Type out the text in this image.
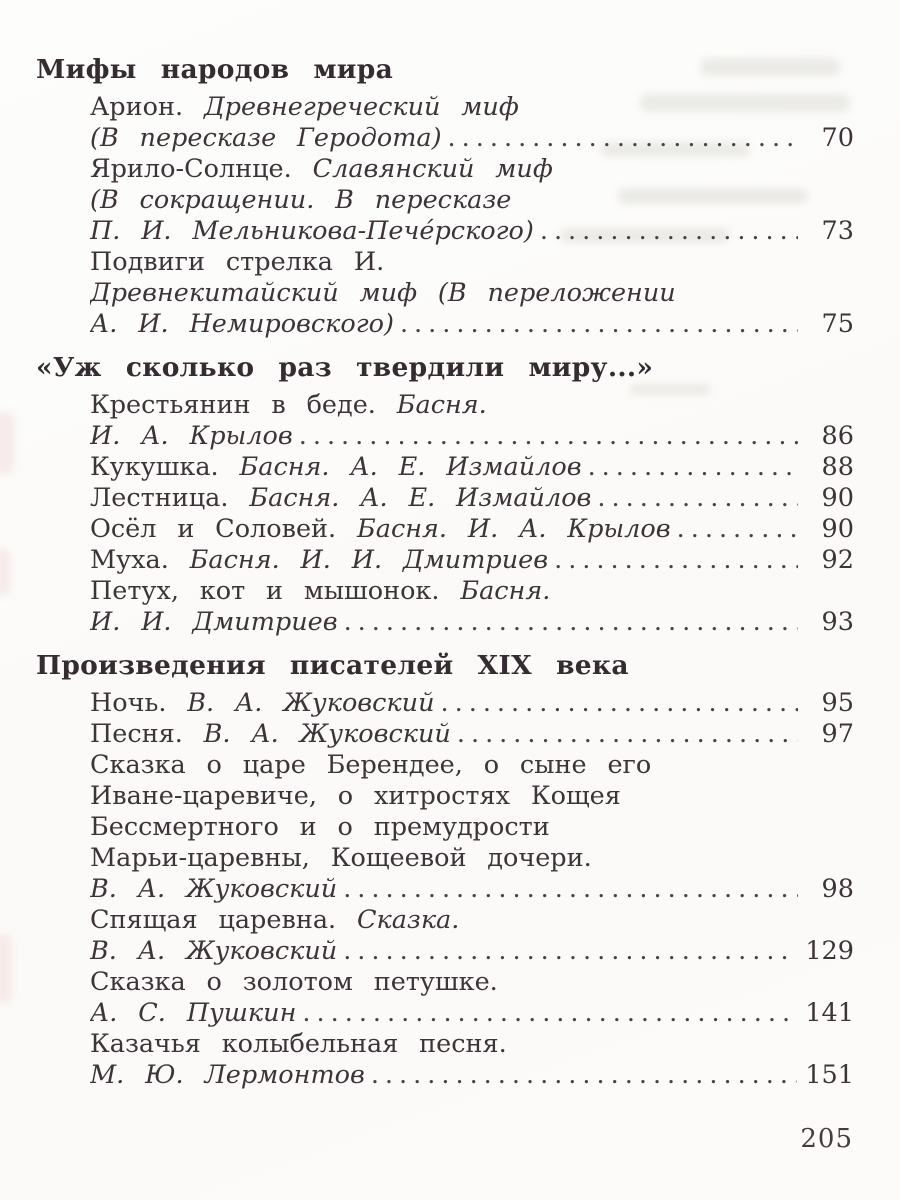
Мифы народов мира
Арион. Древнегреческий миф
(В пересказе Геродота) .....	70
Ярило-Солнце. Славянский миф
(В сокращении. В пересказе
П. И. Мельникова-Пече́рского) .....	73
Подвиги стрелка И.
Древнекитайский миф (В переложении
А. И. Немировского) .....	75
«Уж сколько раз твердили миру...»
Крестьянин в беде. Басня.
И. А. Крылов .....	86
Кукушка. Басня. А. Е. Измайлов .....	88
Лестница. Басня. А. Е. Измайлов .....	90
Осёл и Соловей. Басня. И. А. Крылов .....	90
Муха. Басня. И. И. Дмитриев .....	92
Петух, кот и мышонок. Басня.
И. И. Дмитриев .....	93
Произведения писателей XIX века
Ночь. В. А. Жуковский .....	95
Песня. В. А. Жуковский .....	97
Сказка о царе Берендее, о сыне его
Иване-царевиче, о хитростях Кощея
Бессмертного и о премудрости
Марьи-царевны, Кощеевой дочери.
В. А. Жуковский .....	98
Спящая царевна. Сказка.
В. А. Жуковский .....	129
Сказка о золотом петушке.
А. С. Пушкин .....	141
Казачья колыбельная песня.
М. Ю. Лермонтов .....	151
205
